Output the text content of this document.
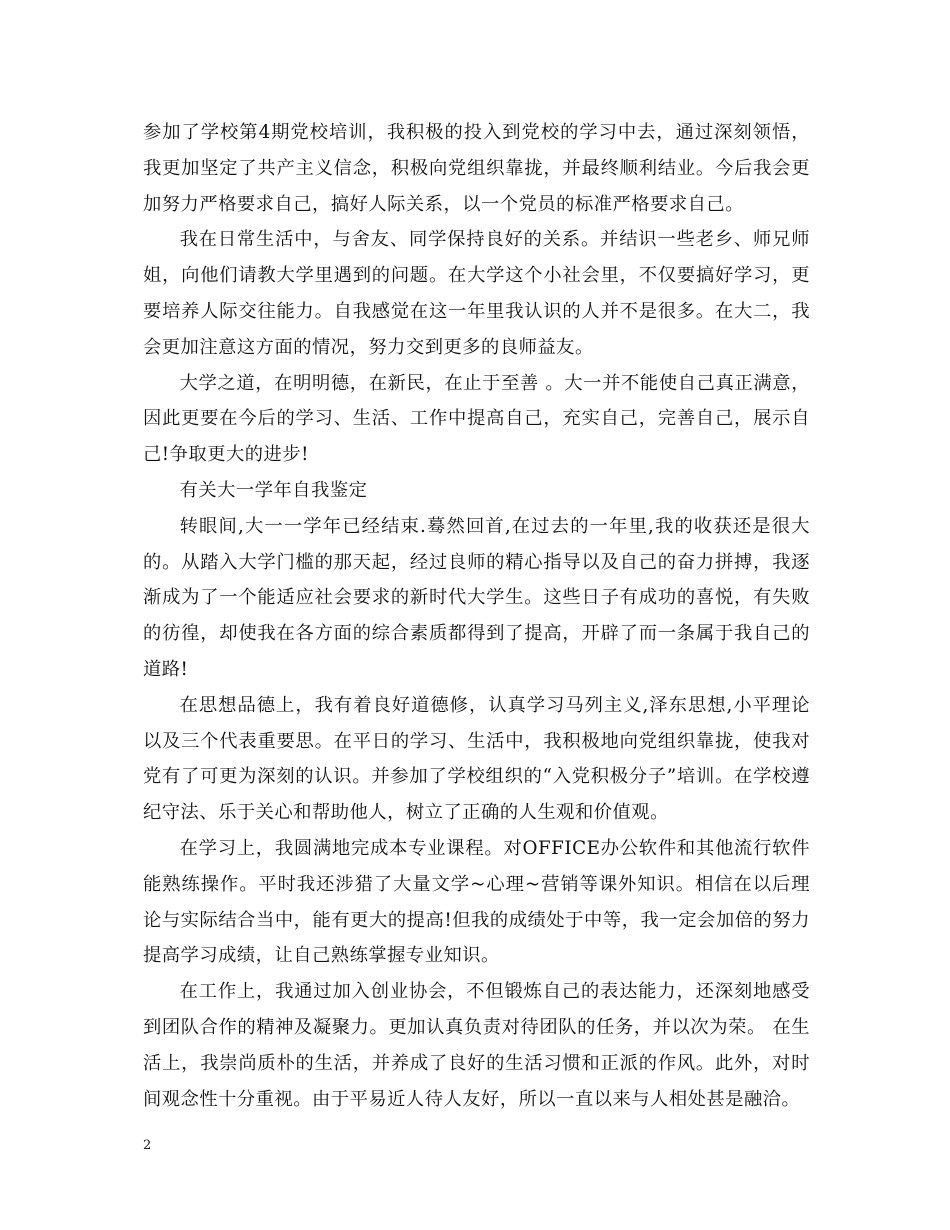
参加了学校第4期党校培训，我积极的投入到党校的学习中去，通过深刻领悟，我更加坚定了共产主义信念，积极向党组织靠拢，并最终顺利结业。今后我会更加努力严格要求自己，搞好人际关系，以一个党员的标准严格要求自己。

我在日常生活中，与舍友、同学保持良好的关系。并结识一些老乡、师兄师姐，向他们请教大学里遇到的问题。在大学这个小社会里，不仅要搞好学习，更要培养人际交往能力。自我感觉在这一年里我认识的人并不是很多。在大二，我会更加注意这方面的情况，努力交到更多的良师益友。

大学之道，在明明德，在新民，在止于至善 。大一并不能使自己真正满意，因此更要在今后的学习、生活、工作中提高自己，充实自己，完善自己，展示自己!争取更大的进步!

有关大一学年自我鉴定

转眼间,大一一学年已经结束.蓦然回首,在过去的一年里,我的收获还是很大的。从踏入大学门槛的那天起，经过良师的精心指导以及自己的奋力拼搏，我逐渐成为了一个能适应社会要求的新时代大学生。这些日子有成功的喜悦，有失败的彷徨，却使我在各方面的综合素质都得到了提高，开辟了而一条属于我自己的道路!

在思想品德上，我有着良好道德修，认真学习马列主义,泽东思想,小平理论以及三个代表重要思。在平日的学习、生活中，我积极地向党组织靠拢，使我对党有了可更为深刻的认识。并参加了学校组织的“入党积极分子”培训。在学校遵纪守法、乐于关心和帮助他人，树立了正确的人生观和价值观。

在学习上，我圆满地完成本专业课程。对OFFICE办公软件和其他流行软件能熟练操作。平时我还涉猎了大量文学~心理~营销等课外知识。相信在以后理论与实际结合当中，能有更大的提高!但我的成绩处于中等，我一定会加倍的努力提高学习成绩，让自己熟练掌握专业知识。

在工作上，我通过加入创业协会，不但锻炼自己的表达能力，还深刻地感受到团队合作的精神及凝聚力。更加认真负责对待团队的任务，并以次为荣。 在生活上，我崇尚质朴的生活，并养成了良好的生活习惯和正派的作风。此外，对时间观念性十分重视。由于平易近人待人友好，所以一直以来与人相处甚是融洽。

2
